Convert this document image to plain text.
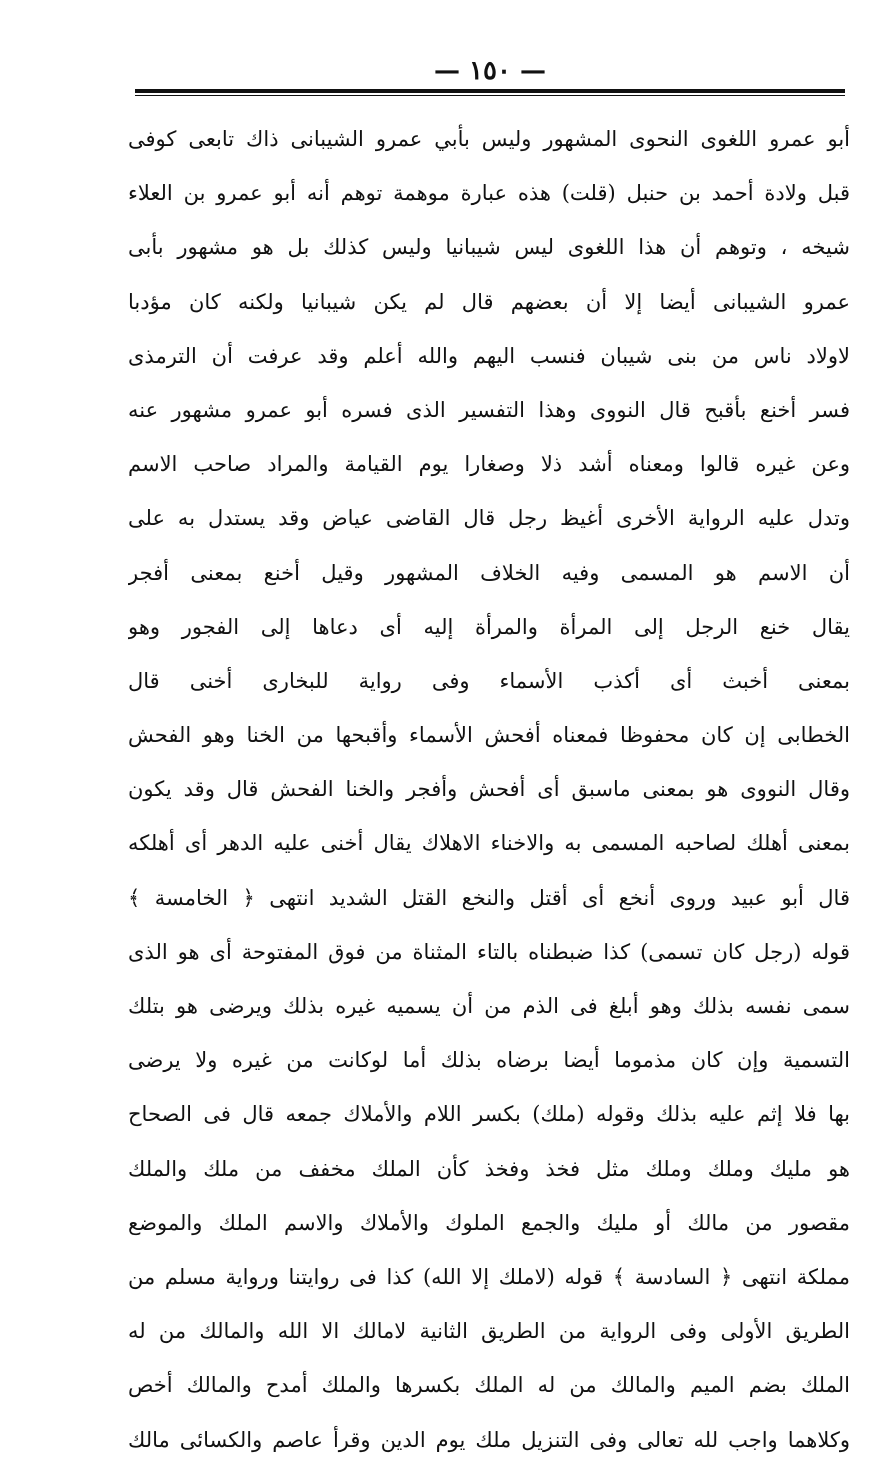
— ١٥٠ —
أبو عمرو اللغوى النحوى المشهور وليس بأبي عمرو الشيبانى ذاك تابعى كوفى
قبل ولادة أحمد بن حنبل (قلت) هذه عبارة موهمة توهم أنه أبو عمرو بن العلاء
شيخه ، وتوهم أن هذا اللغوى ليس شيبانيا وليس كذلك بل هو مشهور بأبى
عمرو الشيبانى أيضا إلا أن بعضهم قال لم يكن شيبانيا ولكنه كان مؤدبا
لاولاد ناس من بنى شيبان فنسب اليهم والله أعلم وقد عرفت أن الترمذى
فسر أخنع بأقبح قال النووى وهذا التفسير الذى فسره أبو عمرو مشهور عنه
وعن غيره قالوا ومعناه أشد ذلا وصغارا يوم القيامة والمراد صاحب الاسم
وتدل عليه الرواية الأخرى أغيظ رجل قال القاضى عياض وقد يستدل به على
أن الاسم هو المسمى وفيه الخلاف المشهور وقيل أخنع بمعنى أفجر
يقال خنع الرجل إلى المرأة والمرأة إليه أى دعاها إلى الفجور وهو
بمعنى أخبث أى أكذب الأسماء وفى رواية للبخارى أخنى قال
الخطابى إن كان محفوظا فمعناه أفحش الأسماء وأقبحها من الخنا وهو الفحش
وقال النووى هو بمعنى ماسبق أى أفحش وأفجر والخنا الفحش قال وقد يكون
بمعنى أهلك لصاحبه المسمى به والاخناء الاهلاك يقال أخنى عليه الدهر أى أهلكه
قال أبو عبيد وروى أنخع أى أقتل والنخع القتل الشديد انتهى ﴿ الخامسة ﴾
قوله (رجل كان تسمى) كذا ضبطناه بالتاء المثناة من فوق المفتوحة أى هو الذى
سمى نفسه بذلك وهو أبلغ فى الذم من أن يسميه غيره بذلك ويرضى هو بتلك
التسمية وإن كان مذموما أيضا برضاه بذلك أما لوكانت من غيره ولا يرضى
بها فلا إثم عليه بذلك وقوله (ملك) بكسر اللام والأملاك جمعه قال فى الصحاح
هو مليك وملك وملك مثل فخذ وفخذ كأن الملك مخفف من ملك والملك
مقصور من مالك أو مليك والجمع الملوك والأملاك والاسم الملك والموضع
مملكة انتهى ﴿ السادسة ﴾ قوله (لاملك إلا الله) كذا فى روايتنا ورواية مسلم من
الطريق الأولى وفى الرواية من الطريق الثانية لامالك الا الله والمالك من له
الملك بضم الميم والمالك من له الملك بكسرها والملك أمدح والمالك أخص
وكلاهما واجب لله تعالى وفى التنزيل ملك يوم الدين وقرأ عاصم والكسائى مالك
